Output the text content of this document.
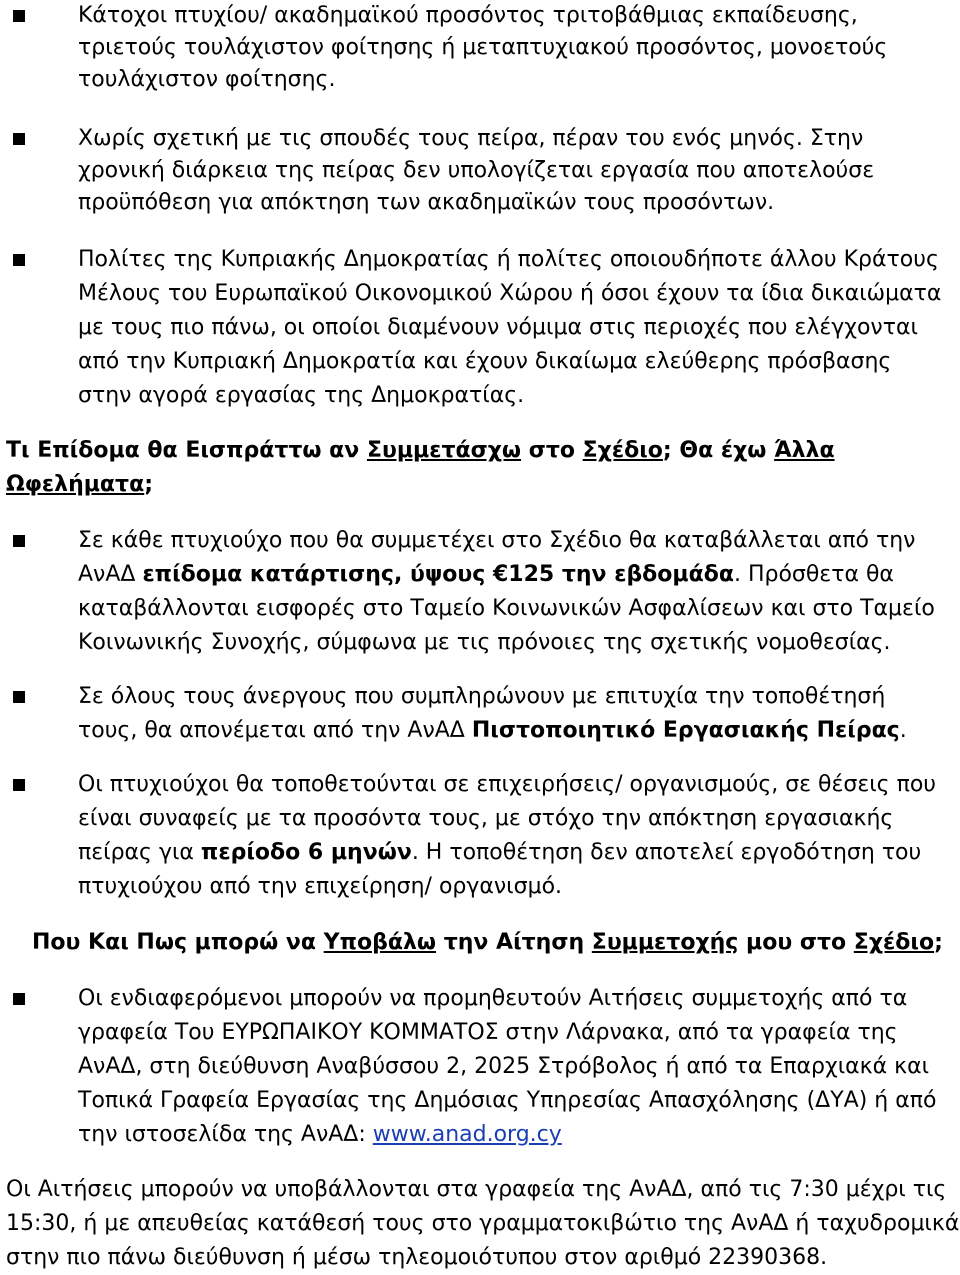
Κάτοχοι πτυχίου/ ακαδημαϊκού προσόντος τριτοβάθμιας εκπαίδευσης, τριετούς τουλάχιστον φοίτησης ή μεταπτυχιακού προσόντος, μονοετούς τουλάχιστον φοίτησης.
Χωρίς σχετική με τις σπουδές τους πείρα, πέραν του ενός μηνός. Στην χρονική διάρκεια της πείρας δεν υπολογίζεται εργασία που αποτελούσε προϋπόθεση για απόκτηση των ακαδημαϊκών τους προσόντων.
Πολίτες της Κυπριακής Δημοκρατίας ή πολίτες οποιουδήποτε άλλου Κράτους Μέλους του Ευρωπαϊκού Οικονομικού Χώρου ή όσοι έχουν τα ίδια δικαιώματα με τους πιο πάνω, οι οποίοι διαμένουν νόμιμα στις περιοχές που ελέγχονται από την Κυπριακή Δημοκρατία και έχουν δικαίωμα ελεύθερης πρόσβασης στην αγορά εργασίας της Δημοκρατίας.
Τι Επίδομα θα Εισπράττω αν Συμμετάσχω στο Σχέδιο; Θα έχω Άλλα Ωφελήματα;
Σε κάθε πτυχιούχο που θα συμμετέχει στο Σχέδιο θα καταβάλλεται από την ΑνΑΔ επίδομα κατάρτισης, ύψους €125 την εβδομάδα. Πρόσθετα θα καταβάλλονται εισφορές στο Ταμείο Κοινωνικών Ασφαλίσεων και στο Ταμείο Κοινωνικής Συνοχής, σύμφωνα με τις πρόνοιες της σχετικής νομοθεσίας.
Σε όλους τους άνεργους που συμπληρώνουν με επιτυχία την τοποθέτησή τους, θα απονέμεται από την ΑνΑΔ Πιστοποιητικό Εργασιακής Πείρας.
Οι πτυχιούχοι θα τοποθετούνται σε επιχειρήσεις/ οργανισμούς, σε θέσεις που είναι συναφείς με τα προσόντα τους, με στόχο την απόκτηση εργασιακής πείρας για περίοδο 6 μηνών. Η τοποθέτηση δεν αποτελεί εργοδότηση του πτυχιούχου από την επιχείρηση/ οργανισμό.
Που Και Πως μπορώ να Υποβάλω την Αίτηση Συμμετοχής μου στο Σχέδιο;
Οι ενδιαφερόμενοι μπορούν να προμηθευτούν Αιτήσεις συμμετοχής από τα γραφεία Του ΕΥΡΩΠΑΙΚΟΥ ΚΟΜΜΑΤΟΣ στην Λάρνακα, από τα γραφεία της ΑνΑΔ, στη διεύθυνση Αναβύσσου 2, 2025 Στρόβολος ή από τα Επαρχιακά και Τοπικά Γραφεία Εργασίας της Δημόσιας Υπηρεσίας Απασχόλησης (ΔΥΑ) ή από την ιστοσελίδα της ΑνΑΔ: www.anad.org.cy
Οι Αιτήσεις μπορούν να υποβάλλονται στα γραφεία της ΑνΑΔ, από τις 7:30 μέχρι τις 15:30, ή με απευθείας κατάθεσή τους στο γραμματοκιβώτιο της ΑνΑΔ ή ταχυδρομικά στην πιο πάνω διεύθυνση ή μέσω τηλεομοιότυπου στον αριθμό 22390368.
